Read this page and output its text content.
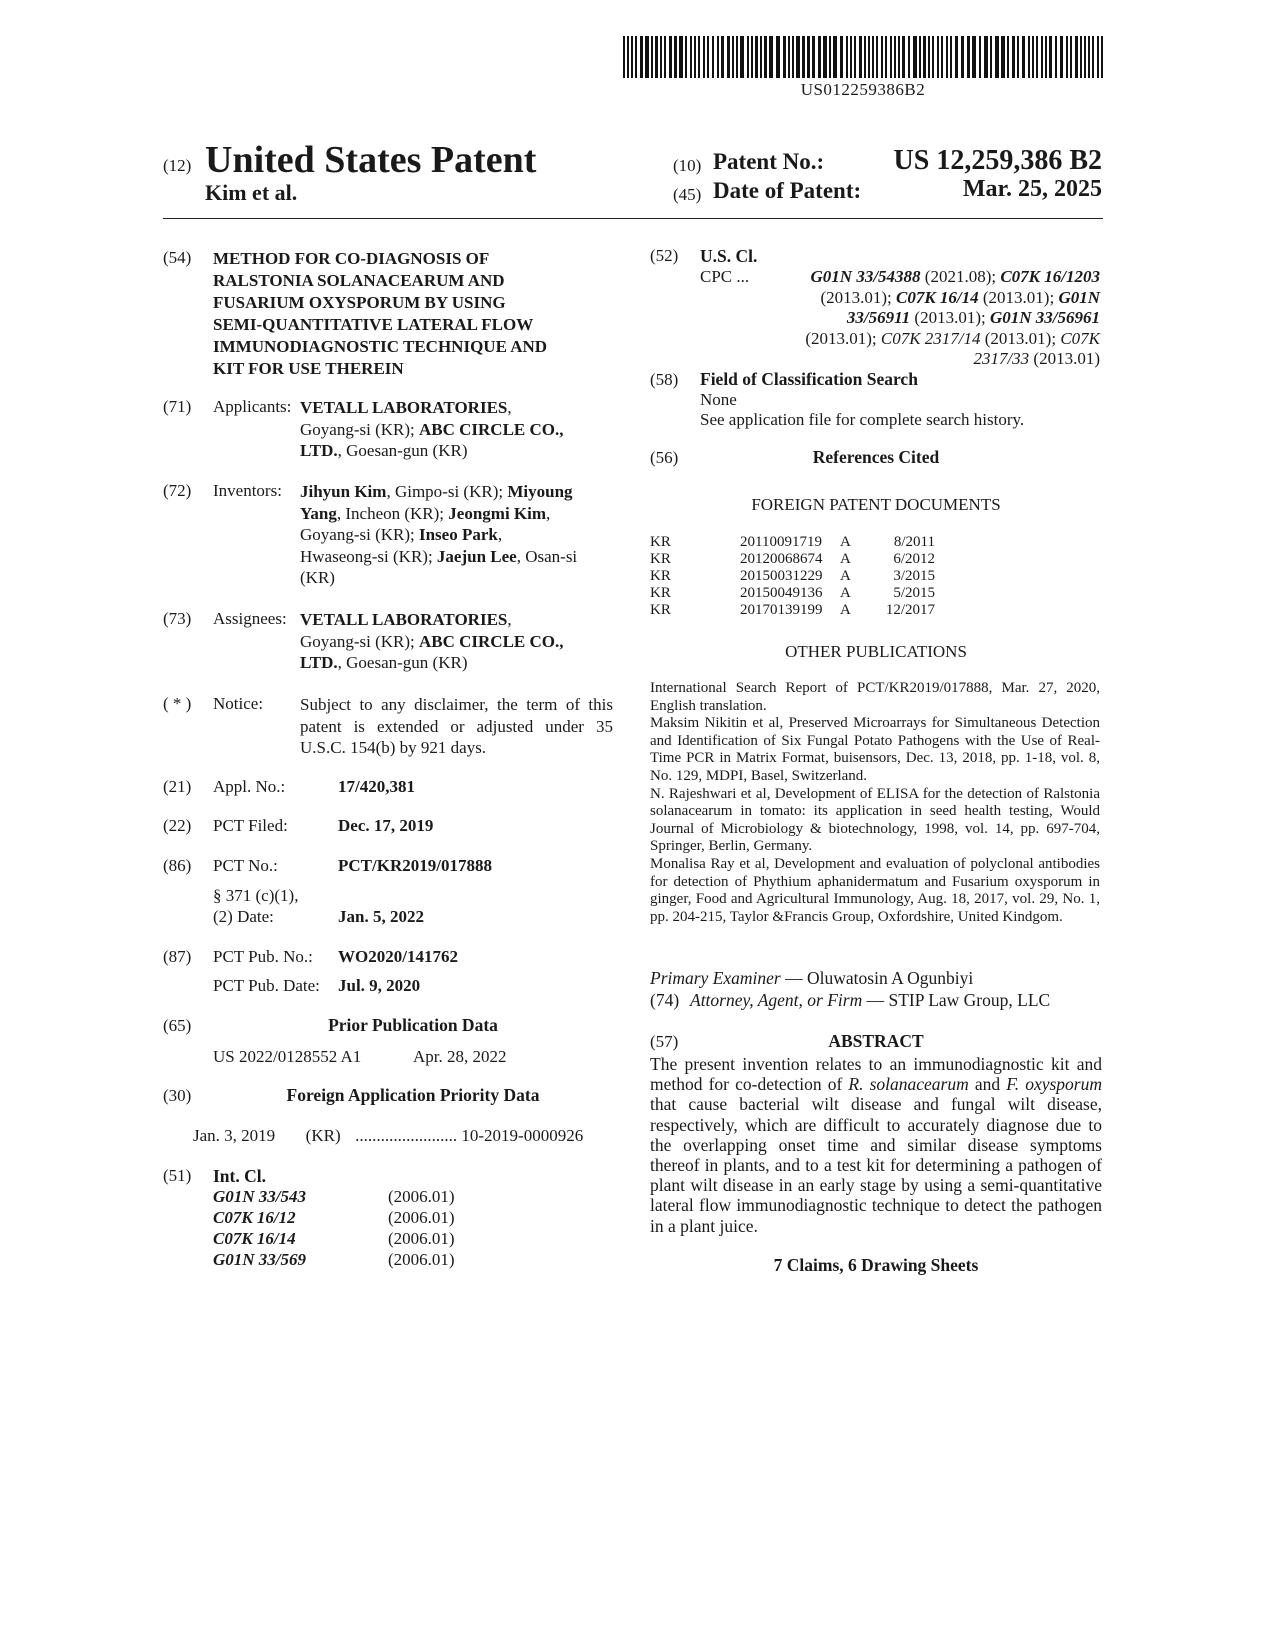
US012259386B2
(12) United States Patent
Kim et al.
(10) Patent No.: US 12,259,386 B2
(45) Date of Patent:	Mar. 25, 2025
(54) METHOD FOR CO-DIAGNOSIS OF
RALSTONIA SOLANACEARUM AND
FUSARIUM OXYSPORUM BY USING
SEMI-QUANTITATIVE LATERAL FLOW
IMMUNODIAGNOSTIC TECHNIQUE AND
KIT FOR USE THEREIN
(71) Applicants: VETALL LABORATORIES,
Goyang-si (KR); ABC CIRCLE CO.,
LTD., Goesan-gun (KR)
(72) Inventors: Jihyun Kim, Gimpo-si (KR); Miyoung
Yang, Incheon (KR); Jeongmi Kim,
Goyang-si (KR); Inseo Park,
Hwaseong-si (KR); Jaejun Lee, Osan-si
(KR)
(73) Assignees: VETALL LABORATORIES,
Goyang-si (KR); ABC CIRCLE CO.,
LTD., Goesan-gun (KR)
( * ) Notice: Subject to any disclaimer, the term of this patent is extended or adjusted under 35 U.S.C. 154(b) by 921 days.
(21) Appl. No.:	17/420,381
(22) PCT Filed:	Dec. 17, 2019
(86) PCT No.:	PCT/KR2019/017888
§ 371 (c)(1),
(2) Date:	Jan. 5, 2022
(87) PCT Pub. No.: WO2020/141762
PCT Pub. Date: Jul. 9, 2020
(65)	Prior Publication Data
US 2022/0128552 A1	Apr. 28, 2022
(30)	Foreign Application Priority Data
Jan. 3, 2019 (KR) ........................ 10-2019-0000926
(51) Int. Cl.
G01N 33/543	(2006.01)
C07K 16/12	(2006.01)
C07K 16/14	(2006.01)
G01N 33/569	(2006.01)
(52) U.S. Cl.
CPC ...	G01N 33/54388 (2021.08); C07K 16/1203
(2013.01); C07K 16/14 (2013.01); G01N
33/56911 (2013.01); G01N 33/56961
(2013.01); C07K 2317/14 (2013.01); C07K
2317/33 (2013.01)
(58) Field of Classification Search
None
See application file for complete search history.
(56)	References Cited
FOREIGN PATENT DOCUMENTS
KR	20110091719 A	8/2011
KR	20120068674 A	6/2012
KR	20150031229 A	3/2015
KR	20150049136 A	5/2015
KR	20170139199 A	12/2017
OTHER PUBLICATIONS

International Search Report of PCT/KR2019/017888, Mar. 27, 2020, English translation.

Maksim Nikitin et al, Preserved Microarrays for Simultaneous Detection and Identification of Six Fungal Potato Pathogens with the Use of Real-Time PCR in Matrix Format, buisensors, Dec. 13, 2018, pp. 1-18, vol. 8, No. 129, MDPI, Basel, Switzerland.

N. Rajeshwari et al, Development of ELISA for the detection of Ralstonia solanacearum in tomato: its application in seed health testing, Would Journal of Microbiology & biotechnology, 1998, vol. 14, pp. 697-704, Springer, Berlin, Germany.

Monalisa Ray et al, Development and evaluation of polyclonal antibodies for detection of Phythium aphanidermatum and Fusarium oxysporum in ginger, Food and Agricultural Immunology, Aug. 18, 2017, vol. 29, No. 1, pp. 204-215, Taylor &Francis Group, Oxfordshire, United Kindgom.

Primary Examiner — Oluwatosin A Ogunbiyi
(74) Attorney, Agent, or Firm — STIP Law Group, LLC
(57)	ABSTRACT
The present invention relates to an immunodiagnostic kit and method for co-detection of R. solanacearum and F. oxysporum that cause bacterial wilt disease and fungal wilt disease, respectively, which are difficult to accurately diagnose due to the overlapping onset time and similar disease symptoms thereof in plants, and to a test kit for determining a pathogen of plant wilt disease in an early stage by using a semi-quantitative lateral flow immunodiagnostic technique to detect the pathogen in a plant juice.
7 Claims, 6 Drawing Sheets
